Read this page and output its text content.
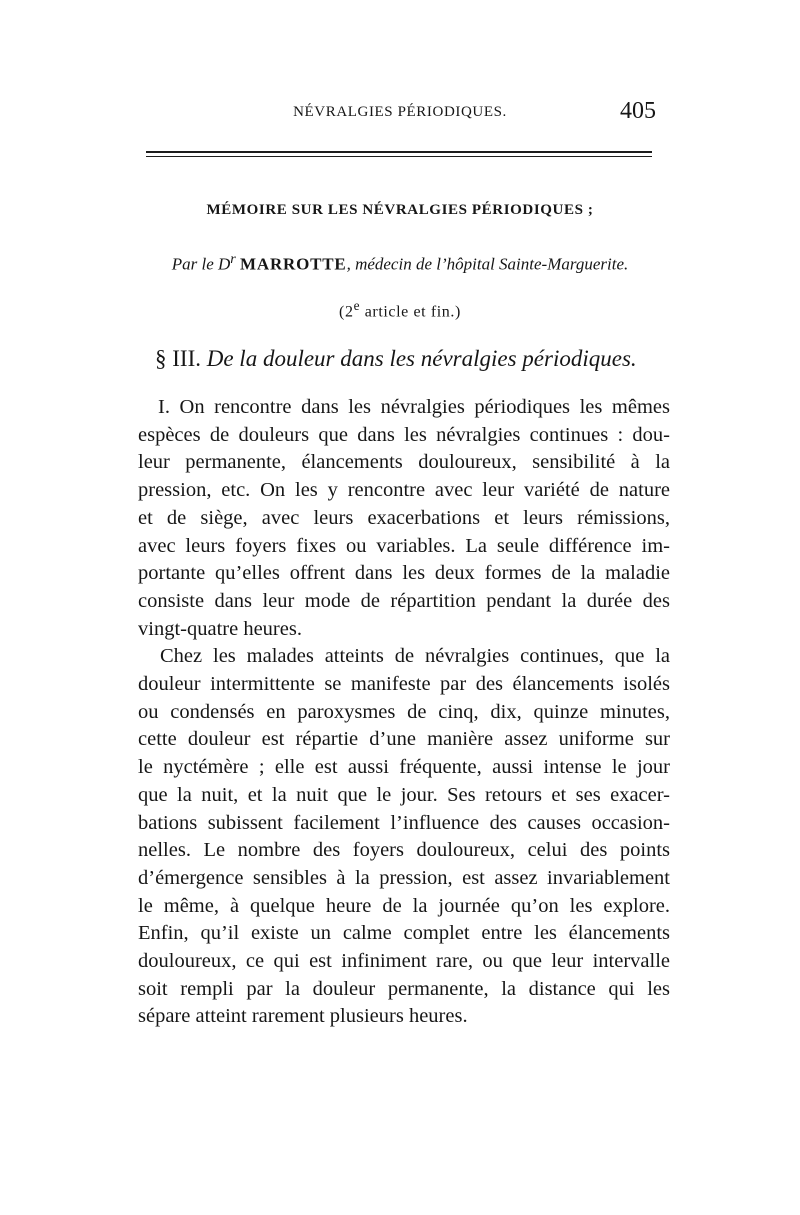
NÉVRALGIES PÉRIODIQUES.	405
MÉMOIRE SUR LES NÉVRALGIES PÉRIODIQUES ;
Par le $D^r$ MARROTTE, médecin de l’hôpital Sainte-Marguerite.
(2e article et fin.)
§ III. De la douleur dans les névralgies périodiques.
I. On rencontre dans les névralgies périodiques les mêmes
espèces de douleurs que dans les névralgies continues : dou-
leur permanente, élancements douloureux, sensibilité à la
pression, etc. On les y rencontre avec leur variété de nature
et de siège, avec leurs exacerbations et leurs rémissions,
avec leurs foyers fixes ou variables. La seule différence im-
portante qu’elles offrent dans les deux formes de la maladie
consiste dans leur mode de répartition pendant la durée des
vingt-quatre heures.
Chez les malades atteints de névralgies continues, que la
douleur intermittente se manifeste par des élancements isolés
ou condensés en paroxysmes de cinq, dix, quinze minutes,
cette douleur est répartie d’une manière assez uniforme sur
le nyctémère ; elle est aussi fréquente, aussi intense le jour
que la nuit, et la nuit que le jour. Ses retours et ses exacer-
bations subissent facilement l’influence des causes occasion-
nelles. Le nombre des foyers douloureux, celui des points
d’émergence sensibles à la pression, est assez invariablement
le même, à quelque heure de la journée qu’on les explore.
Enfin, qu’il existe un calme complet entre les élancements
douloureux, ce qui est infiniment rare, ou que leur intervalle
soit rempli par la douleur permanente, la distance qui les
sépare atteint rarement plusieurs heures.
